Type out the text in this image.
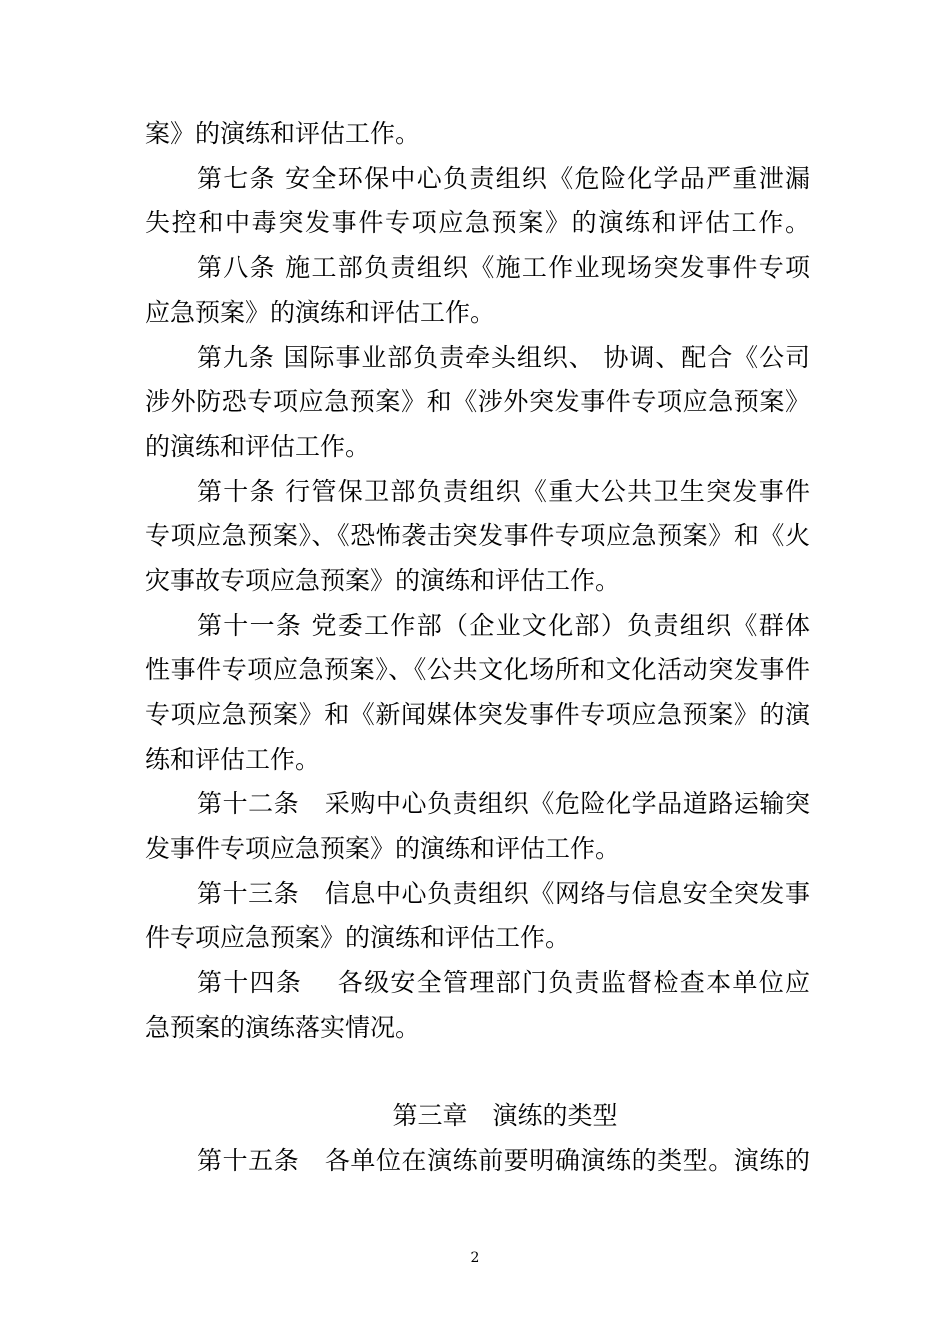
案》的演练和评估工作。
第七条 安全环保中心负责组织《危险化学品严重泄漏
失控和中毒突发事件专项应急预案》的演练和评估工作。
第八条 施工部负责组织《施工作业现场突发事件专项
应急预案》的演练和评估工作。
第九条 国际事业部负责牵头组织、 协调、配合《公司
涉外防恐专项应急预案》和《涉外突发事件专项应急预案》
的演练和评估工作。
第十条 行管保卫部负责组织《重大公共卫生突发事件
专项应急预案》、《恐怖袭击突发事件专项应急预案》和《火
灾事故专项应急预案》的演练和评估工作。
第十一条 党委工作部（企业文化部）负责组织《群体
性事件专项应急预案》、《公共文化场所和文化活动突发事件
专项应急预案》和《新闻媒体突发事件专项应急预案》的演
练和评估工作。
第十二条　采购中心负责组织《危险化学品道路运输突
发事件专项应急预案》的演练和评估工作。
第十三条　信息中心负责组织《网络与信息安全突发事
件专项应急预案》的演练和评估工作。
第十四条　 各级安全管理部门负责监督检查本单位应
急预案的演练落实情况。
第三章　演练的类型
第十五条　各单位在演练前要明确演练的类型。演练的
2
